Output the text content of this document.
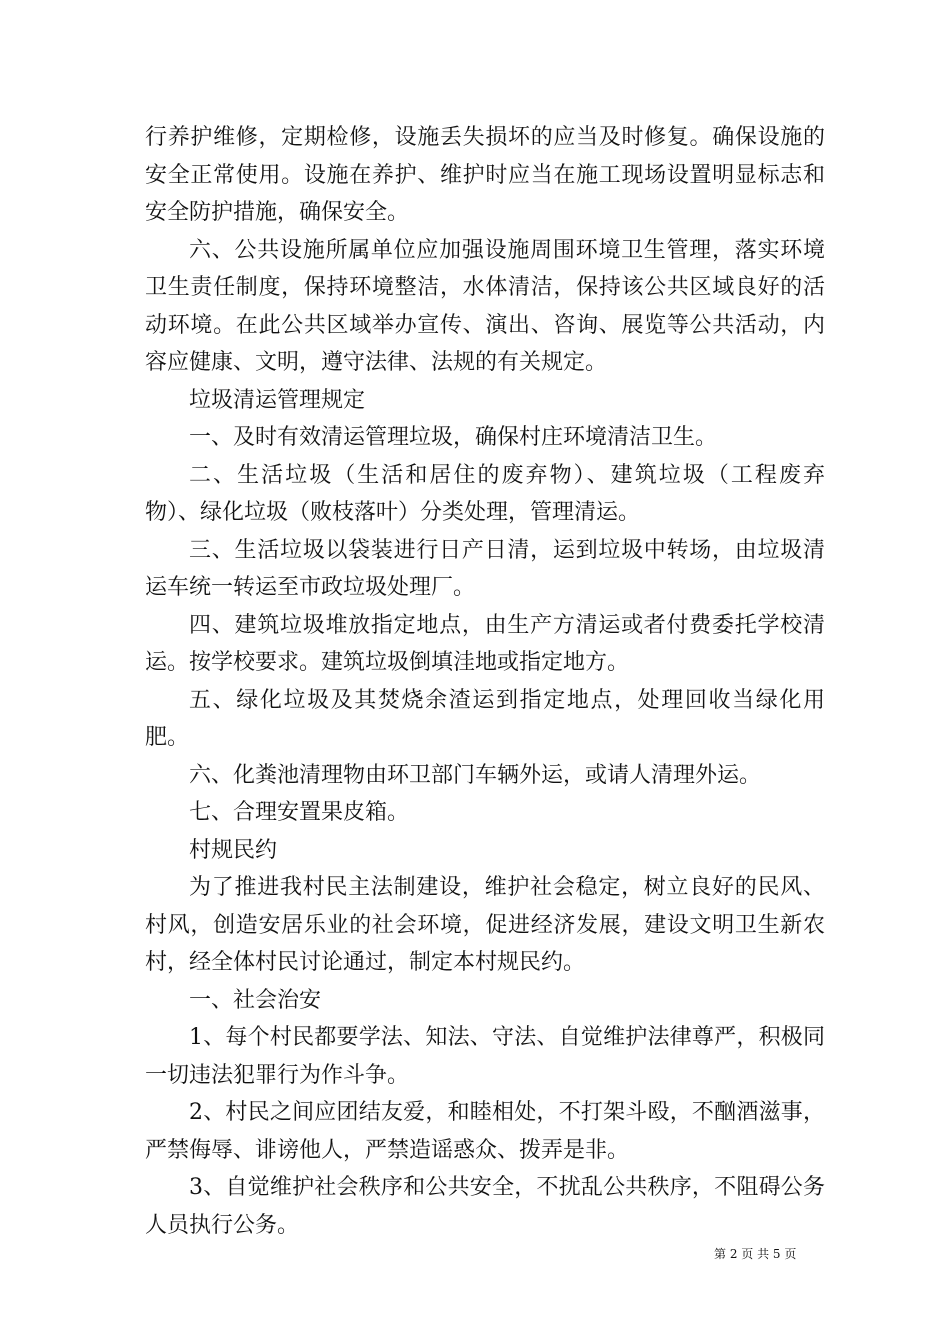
行养护维修，定期检修，设施丢失损坏的应当及时修复。确保设施的安全正常使用。设施在养护、维护时应当在施工现场设置明显标志和安全防护措施，确保安全。

六、公共设施所属单位应加强设施周围环境卫生管理，落实环境卫生责任制度，保持环境整洁，水体清洁，保持该公共区域良好的活动环境。在此公共区域举办宣传、演出、咨询、展览等公共活动，内容应健康、文明，遵守法律、法规的有关规定。

垃圾清运管理规定

一、及时有效清运管理垃圾，确保村庄环境清洁卫生。

二、生活垃圾（生活和居住的废弃物）、建筑垃圾（工程废弃物）、绿化垃圾（败枝落叶）分类处理，管理清运。

三、生活垃圾以袋装进行日产日清，运到垃圾中转场，由垃圾清运车统一转运至市政垃圾处理厂。

四、建筑垃圾堆放指定地点，由生产方清运或者付费委托学校清运。按学校要求。建筑垃圾倒填洼地或指定地方。

五、绿化垃圾及其焚烧余渣运到指定地点，处理回收当绿化用肥。

六、化粪池清理物由环卫部门车辆外运，或请人清理外运。

七、合理安置果皮箱。

村规民约

为了推进我村民主法制建设，维护社会稳定，树立良好的民风、村风，创造安居乐业的社会环境，促进经济发展，建设文明卫生新农村，经全体村民讨论通过，制定本村规民约。

一、社会治安

1、每个村民都要学法、知法、守法、自觉维护法律尊严，积极同一切违法犯罪行为作斗争。

2、村民之间应团结友爱，和睦相处，不打架斗殴，不酗酒滋事，严禁侮辱、诽谤他人，严禁造谣惑众、拨弄是非。

3、自觉维护社会秩序和公共安全，不扰乱公共秩序，不阻碍公务人员执行公务。

第 2 页 共 5 页
